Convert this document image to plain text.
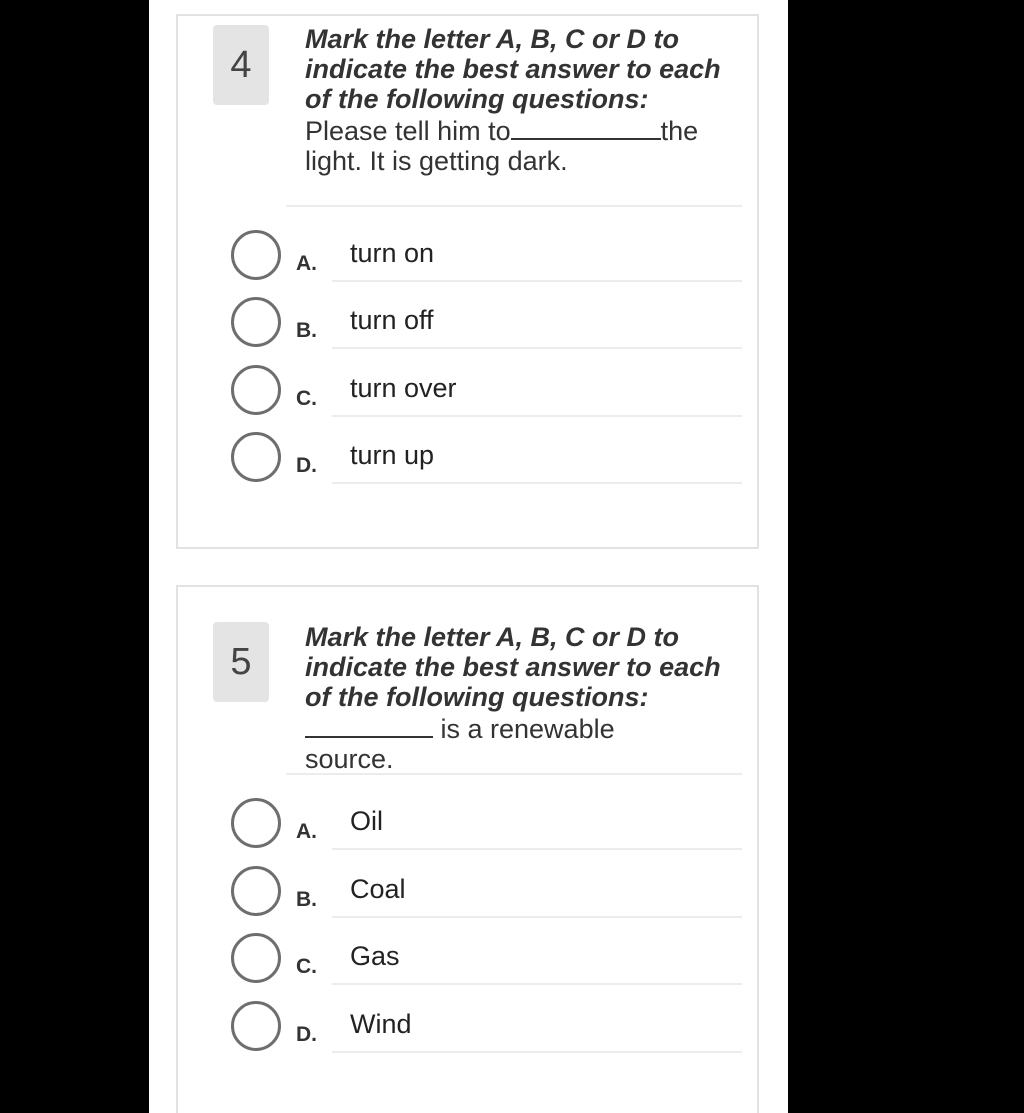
4
Mark the letter A, B, C or D to indicate the best answer to each of the following questions:
Please tell him to	the
light. It is getting dark.
A. turn on
B. turn off
C. turn over
D. turn up
5
Mark the letter A, B, C or D to indicate the best answer to each of the following questions:
is a renewable
source.
A. Oil
B. Coal
C. Gas
D. Wind
